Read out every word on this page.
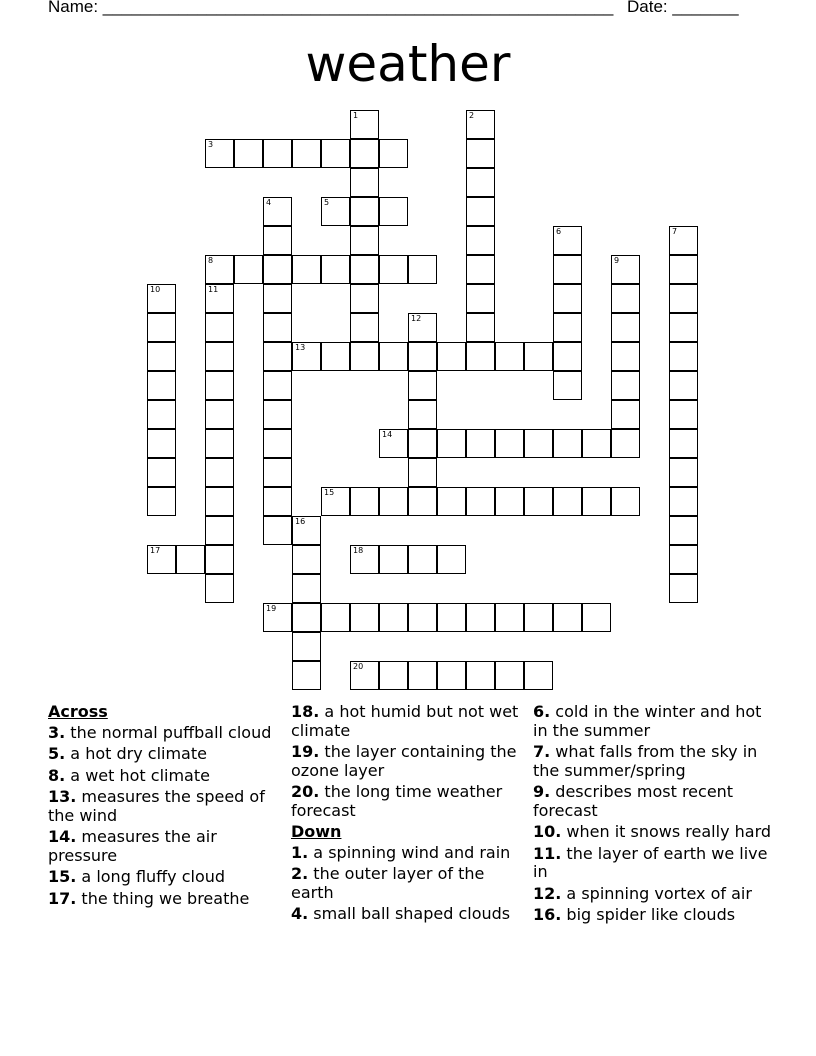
Name: ______________________________________________________ Date: _______
weather
1	2
3
4	5
6	7
8	9
10	11
12
13
14
15
16
17	18
19
20
Across
3. the normal puffball cloud
5. a hot dry climate
8. a wet hot climate
13. measures the speed of the wind
14. measures the air pressure
15. a long fluffy cloud
17. the thing we breathe
18. a hot humid but not wet climate
19. the layer containing the ozone layer
20. the long time weather forecast
Down
1. a spinning wind and rain
2. the outer layer of the earth
4. small ball shaped clouds
6. cold in the winter and hot in the summer
7. what falls from the sky in the summer/spring
9. describes most recent forecast
10. when it snows really hard
11. the layer of earth we live in
12. a spinning vortex of air
16. big spider like clouds
